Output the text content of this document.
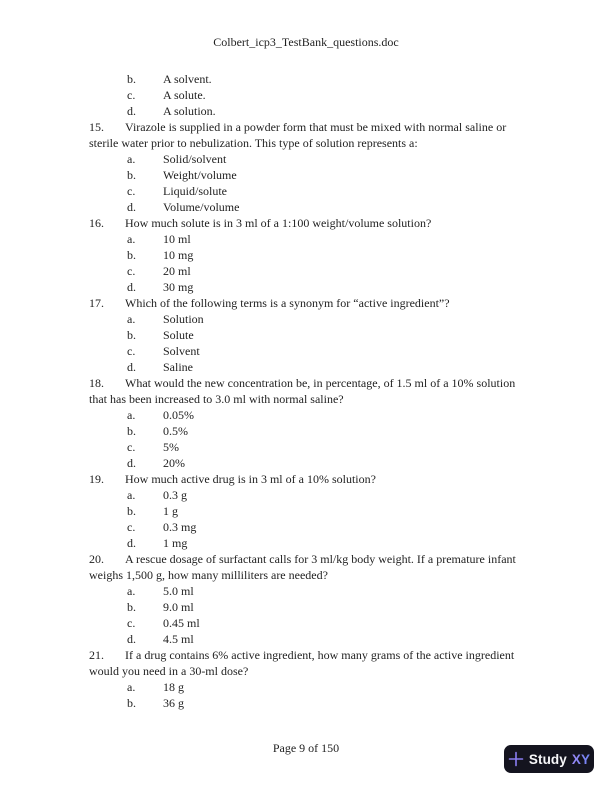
Colbert_icp3_TestBank_questions.doc
b. A solvent.
c. A solute.
d. A solution.

15. Virazole is supplied in a powder form that must be mixed with normal saline or sterile water prior to nebulization. This type of solution represents a:

a. Solid/solvent
b. Weight/volume
c. Liquid/solute
d. Volume/volume

16. How much solute is in 3 ml of a 1:100 weight/volume solution?

a. 10 ml
b. 10 mg
c. 20 ml
d. 30 mg

17. Which of the following terms is a synonym for “active ingredient”?

a. Solution
b. Solute
c. Solvent
d. Saline

18. What would the new concentration be, in percentage, of 1.5 ml of a 10% solution that has been increased to 3.0 ml with normal saline?

a. 0.05%
b. 0.5%
c. 5%
d. 20%

19. How much active drug is in 3 ml of a 10% solution?

a. 0.3 g
b. 1 g
c. 0.3 mg
d. 1 mg

20. A rescue dosage of surfactant calls for 3 ml/kg body weight. If a premature infant weighs 1,500 g, how many milliliters are needed?

a. 5.0 ml
b. 9.0 ml
c. 0.45 ml
d. 4.5 ml

21. If a drug contains 6% active ingredient, how many grams of the active ingredient would you need in a 30-ml dose?

a. 18 g
b. 36 g
Page 9 of 150
Study XY
